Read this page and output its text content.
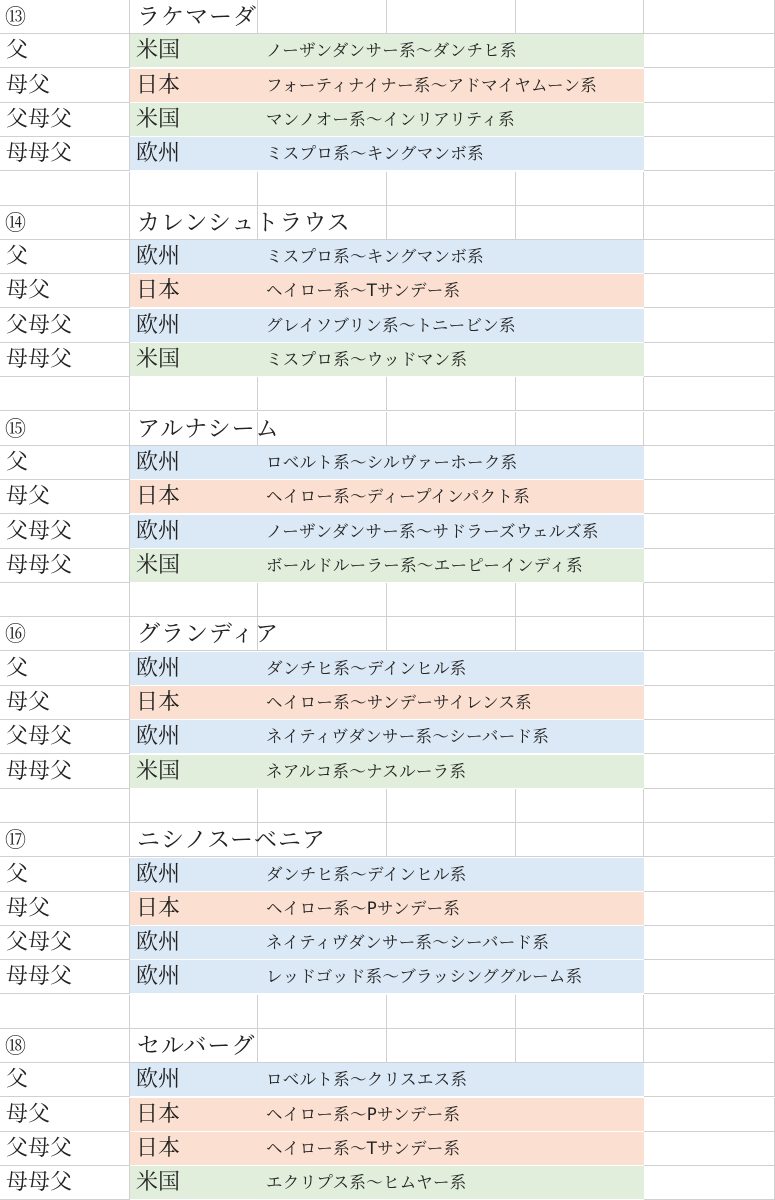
⑬	ラケマーダ
父	米国	ノーザンダンサー系～ダンチヒ系
母父	日本	フォーティナイナー系～アドマイヤムーン系
父母父	米国	マンノオー系～インリアリティ系
母母父	欧州	ミスプロ系～キングマンボ系
⑭	カレンシュトラウス
父	欧州	ミスプロ系～キングマンボ系
母父	日本	ヘイロー系～Tサンデー系
父母父	欧州	グレイソブリン系～トニービン系
母母父	米国	ミスプロ系～ウッドマン系
⑮	アルナシーム
父	欧州	ロベルト系～シルヴァーホーク系
母父	日本	ヘイロー系～ディープインパクト系
父母父	欧州	ノーザンダンサー系～サドラーズウェルズ系
母母父	米国	ボールドルーラー系～エーピーインディ系
⑯	グランディア
父	欧州	ダンチヒ系～デインヒル系
母父	日本	ヘイロー系～サンデーサイレンス系
父母父	欧州	ネイティヴダンサー系～シーバード系
母母父	米国	ネアルコ系～ナスルーラ系
⑰	ニシノスーベニア
父	欧州	ダンチヒ系～デインヒル系
母父	日本	ヘイロー系～Pサンデー系
父母父	欧州	ネイティヴダンサー系～シーバード系
母母父	欧州	レッドゴッド系～ブラッシンググルーム系
⑱	セルバーグ
父	欧州	ロベルト系～クリスエス系
母父	日本	ヘイロー系～Pサンデー系
父母父	日本	ヘイロー系～Tサンデー系
母母父	米国	エクリプス系～ヒムヤー系
